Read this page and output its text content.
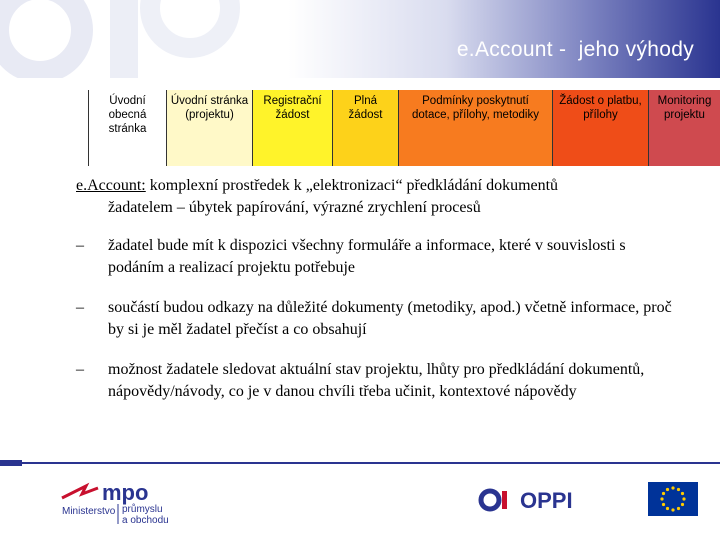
e.Account -  jeho výhody
Úvodní obecná stránka
Úvodní stránka (projektu)
Registrační žádost
Plná žádost
Podmínky poskytnutí dotace, přílohy, metodiky
Žádost o platbu, přílohy
Monitoring projektu
e.Account: komplexní prostředek k „elektronizaci“ předkládání dokumentů
žadatelem – úbytek papírování, výrazné zrychlení procesů
– žadatel bude mít k dispozici všechny formuláře a informace, které v souvislosti s podáním a realizací projektu potřebuje
– součástí budou odkazy na důležité dokumenty (metodiky, apod.) včetně informace, proč by si je měl žadatel přečíst a co obsahují
– možnost žadatele sledovat aktuální stav projektu, lhůty pro předkládání dokumentů, nápovědy/návody, co je v danou chvíli třeba učinit, kontextové nápovědy
mpo
Ministerstvo průmyslu
a obchodu
OPPI
